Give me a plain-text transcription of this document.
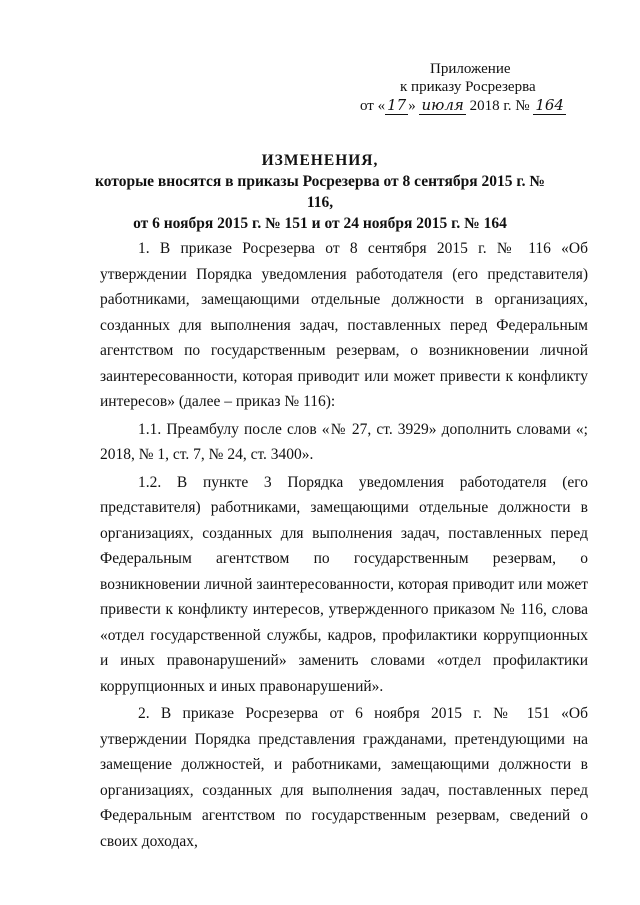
Приложение
к приказу Росрезерва
от « 17 » июля 2018 г. № 164
ИЗМЕНЕНИЯ,
которые вносятся в приказы Росрезерва от 8 сентября 2015 г. № 116,
от 6 ноября 2015 г. № 151 и от 24 ноября 2015 г. № 164

1. В приказе Росрезерва от 8 сентября 2015 г. № 116 «Об утверждении Порядка уведомления работодателя (его представителя) работниками, замещающими отдельные должности в организациях, созданных для выполнения задач, поставленных перед Федеральным агентством по государственным резервам, о возникновении личной заинтересованности, которая приводит или может привести к конфликту интересов» (далее – приказ № 116):

1.1. Преамбулу после слов «№ 27, ст. 3929» дополнить словами «; 2018, № 1, ст. 7, № 24, ст. 3400».

1.2. В пункте 3 Порядка уведомления работодателя (его представителя) работниками, замещающими отдельные должности в организациях, созданных для выполнения задач, поставленных перед Федеральным агентством по государственным резервам, о возникновении личной заинтересованности, которая приводит или может привести к конфликту интересов, утвержденного приказом № 116, слова «отдел государственной службы, кадров, профилактики коррупционных и иных правонарушений» заменить словами «отдел профилактики коррупционных и иных правонарушений».

2. В приказе Росрезерва от 6 ноября 2015 г. № 151 «Об утверждении Порядка представления гражданами, претендующими на замещение должностей, и работниками, замещающими должности в организациях, созданных для выполнения задач, поставленных перед Федеральным агентством по государственным резервам, сведений о своих доходах,
